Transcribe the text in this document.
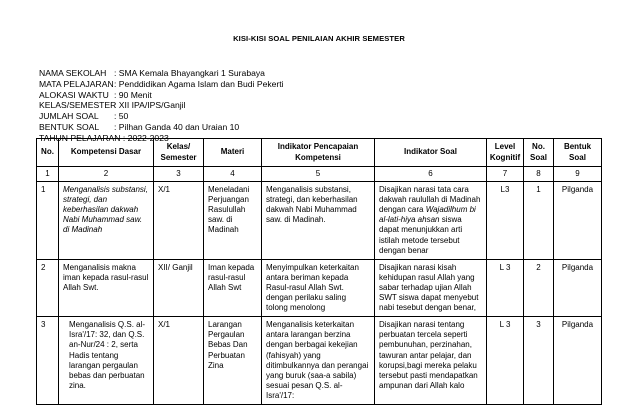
KISI-KISI SOAL PENILAIAN AKHIR SEMESTER
NAMA SEKOLAH : SMA Kemala Bhayangkari 1 Surabaya
MATA PELAJARAN: Penddidikan Agama Islam dan Budi Pekerti
ALOKASI WAKTU : 90 Menit
KELAS/SEMESTER: XII IPA/IPS/Ganjil
JUMLAH SOAL : 50
BENTUK SOAL : Pilhan Ganda 40 dan Uraian 10
TAHUN PELAJARAN : 2022-2023
No.	Kompetensi Dasar	Kelas/ Semester	Materi	Indikator Pencapaian Kompetensi	Indikator Soal	Level Kognitif	No. Soal	Bentuk Soal
1	2	3	4	5	6	7	8	9
1	Menganalisis substansi, strategi, dan keberhasilan dakwah Nabi Muhammad saw. di Madinah	X/1	Meneladani Perjuangan Rasulullah saw. di Madinah	Menganalisis substansi, strategi, dan keberhasilan dakwah Nabi Muhammad saw. di Madinah.	Disajikan narasi tata cara dakwah raulullah di Madinah dengan cara Wajadilhum bi al-lati-hiya ahsan siswa dapat menunjukkan arti istilah metode tersebut dengan benar	L3	1	Pilganda
2	Menganalisis makna iman kepada rasul-rasul Allah Swt.	XII/ Ganjil	Iman kepada rasul-rasul Allah Swt	Menyimpulkan keterkaitan antara beriman kepada Rasul-rasul Allah Swt. dengan perilaku saling tolong menolong	Disajikan narasi kisah kehidupan rasul Allah yang sabar terhadap ujian Allah SWT siswa dapat menyebut nabi tesebut dengan benar,	L 3	2	Pilganda
3	Menganalisis Q.S. al-Isra'/17: 32, dan Q.S. an-Nur/24 : 2, serta Hadis tentang larangan pergaulan bebas dan perbuatan zina.	X/1	Larangan Pergaulan Bebas Dan Perbuatan Zina	Menganalisis keterkaitan antara larangan berzina dengan berbagai kekejian (fahisyah) yang ditimbulkannya dan perangai yang buruk (saa-a sabila) sesuai pesan Q.S. al-Isra'/17:	Disajikan narasi tentang perbuatan tercela seperti pembunuhan, perzinahan, tawuran antar pelajar, dan korupsi,bagi mereka pelaku tersebut pasti mendapatkan ampunan dari Allah kalo	L 3	3	Pilganda
